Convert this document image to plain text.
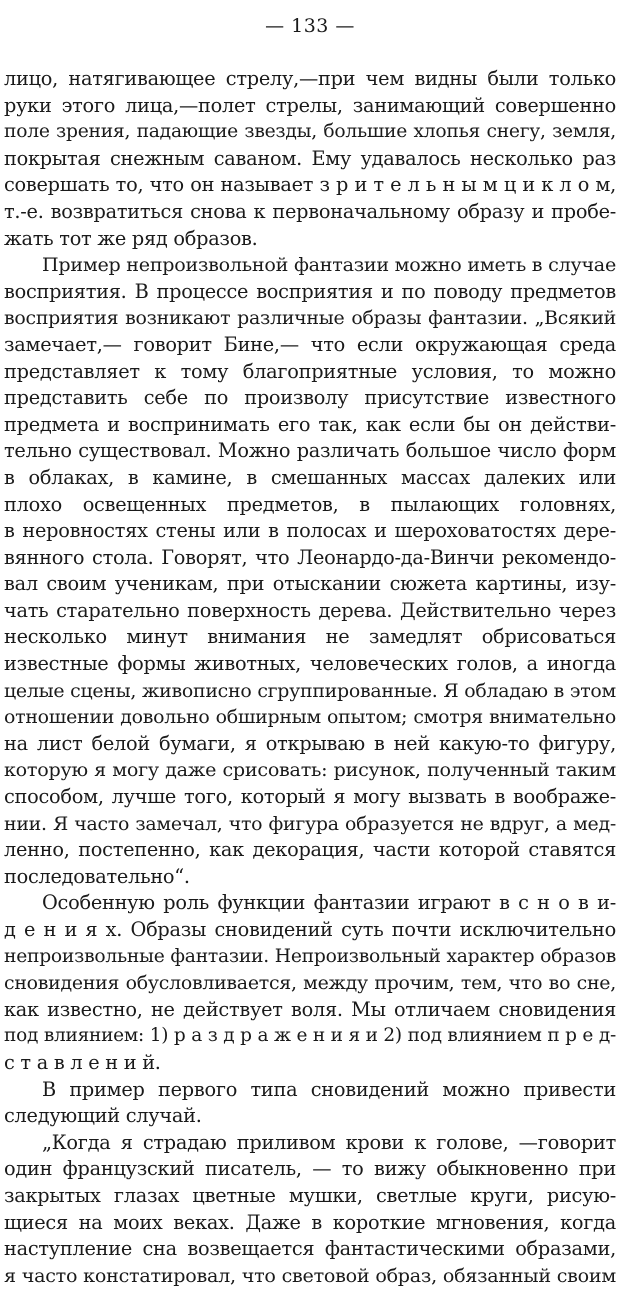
— 133 —
лицо, натягивающее стрелу,—при чем видны были только
руки этого лица,—полет стрелы, занимающий совершенно
поле зрения, падающие звезды, большие хлопья снегу, земля,
покрытая снежным саваном. Ему удавалось несколько раз
совершать то, что он называет з р и т е л ь н ы м ц и к л о м,
т.-е. возвратиться снова к первоначальному образу и пробе-
жать тот же ряд образов.
Пример непроизвольной фантазии можно иметь в случае
восприятия. В процессе восприятия и по поводу предметов
восприятия возникают различные образы фантазии. „Всякий
замечает,— говорит Бине,— что если окружающая среда
представляет к тому благоприятные условия, то можно
представить себе по произволу присутствие известного
предмета и воспринимать его так, как если бы он действи-
тельно существовал. Можно различать большое число форм
в облаках, в камине, в смешанных массах далеких или
плохо освещенных предметов, в пылающих головнях,
в неровностях стены или в полосах и шероховатостях дере-
вянного стола. Говорят, что Леонардо-да-Винчи рекомендо-
вал своим ученикам, при отыскании сюжета картины, изу-
чать старательно поверхность дерева. Действительно через
несколько минут внимания не замедлят обрисоваться
известные формы животных, человеческих голов, а иногда
целые сцены, живописно сгруппированные. Я обладаю в этом
отношении довольно обширным опытом; смотря внимательно
на лист белой бумаги, я открываю в ней какую-то фигуру,
которую я могу даже срисовать: рисунок, полученный таким
способом, лучше того, который я могу вызвать в воображе-
нии. Я часто замечал, что фигура образуется не вдруг, а мед-
ленно, постепенно, как декорация, части которой ставятся
последовательно“.
Особенную роль функции фантазии играют в с н о в и-
д е н и я х. Образы сновидений суть почти исключительно
непроизвольные фантазии. Непроизвольный характер образов
сновидения обусловливается, между прочим, тем, что во сне,
как известно, не действует воля. Мы отличаем сновидения
под влиянием: 1) р а з д р а ж е н и я и 2) под влиянием п р е д-
с т а в л е н и й.
В пример первого типа сновидений можно привести
следующий случай.
„Когда я страдаю приливом крови к голове, —говорит
один французский писатель, — то вижу обыкновенно при
закрытых глазах цветные мушки, светлые круги, рисую-
щиеся на моих веках. Даже в короткие мгновения, когда
наступление сна возвещается фантастическими образами,
я часто констатировал, что световой образ, обязанный своим
